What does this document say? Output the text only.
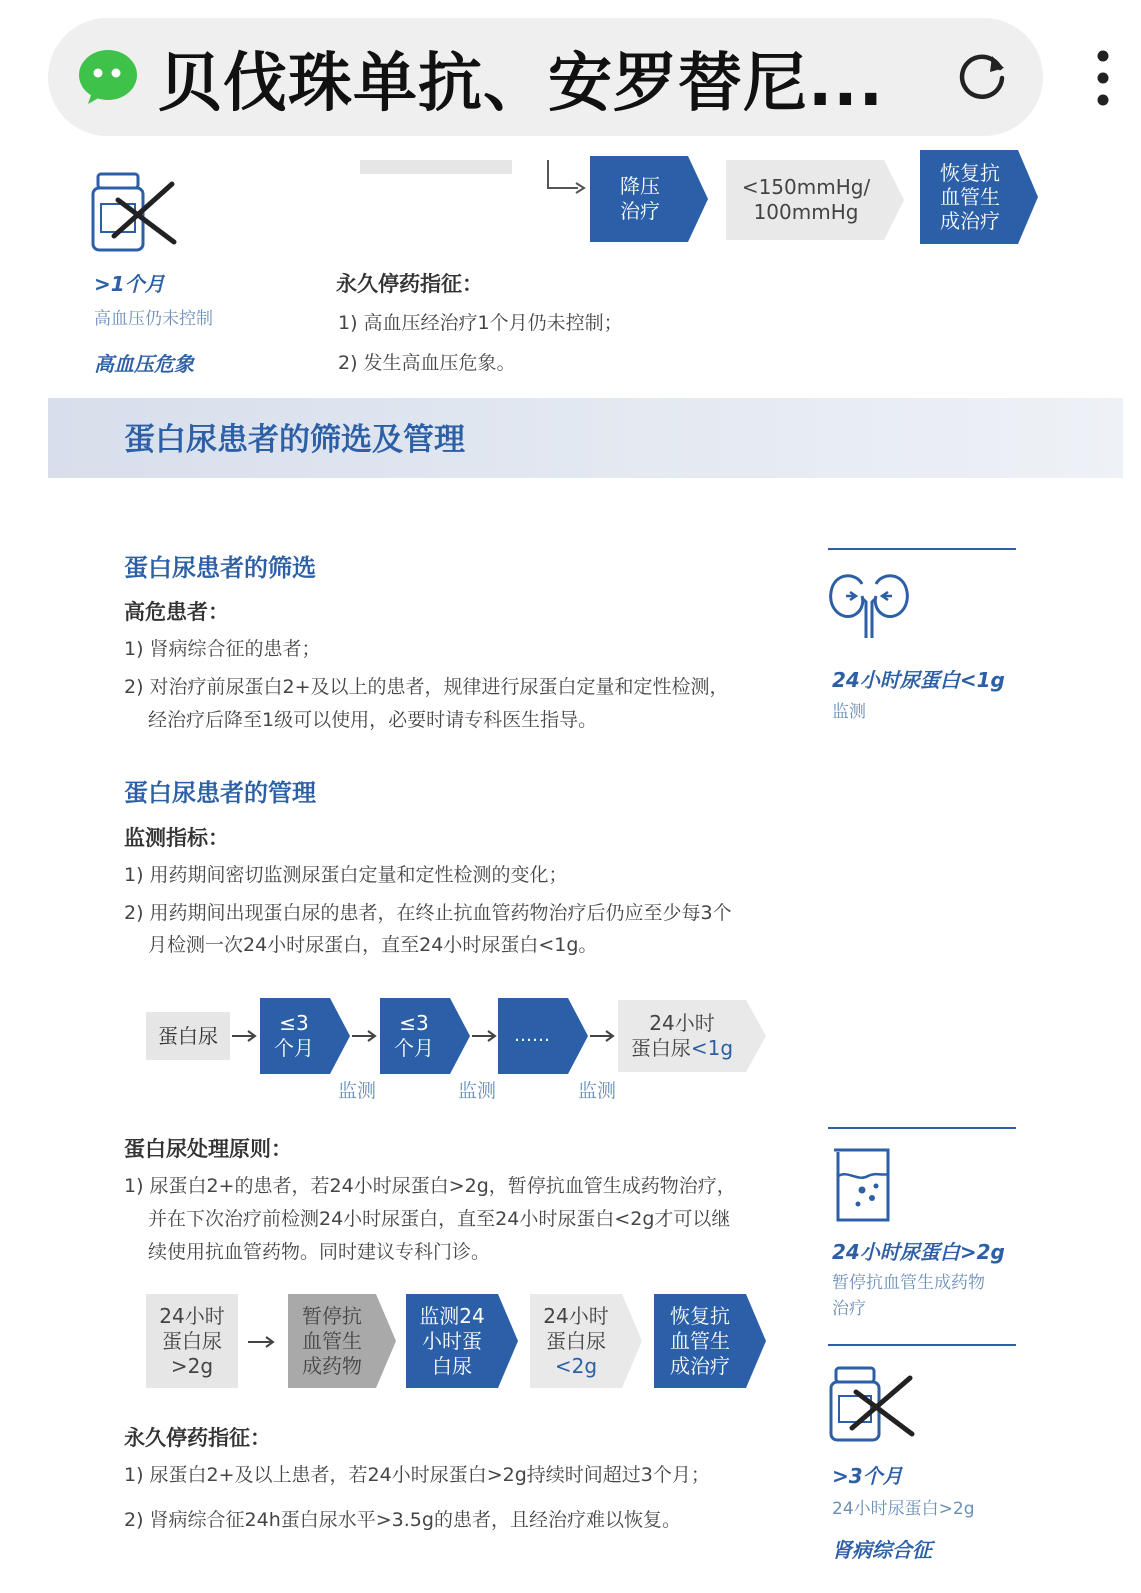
贝伐珠单抗、安罗替尼...
降压
治疗
<150mmHg/
100mmHg
恢复抗
血管生
成治疗
>1个月
高血压仍未控制
高血压危象
永久停药指征：
1) 高血压经治疗1个月仍未控制；
2) 发生高血压危象。
蛋白尿患者的筛选及管理
蛋白尿患者的筛选
高危患者：
1) 肾病综合征的患者；
2) 对治疗前尿蛋白2+及以上的患者，规律进行尿蛋白定量和定性检测，
经治疗后降至1级可以使用，必要时请专科医生指导。
24小时尿蛋白<1g
监测
蛋白尿患者的管理
监测指标：
1) 用药期间密切监测尿蛋白定量和定性检测的变化；
2) 用药期间出现蛋白尿的患者，在终止抗血管药物治疗后仍应至少每3个
月检测一次24小时尿蛋白，直至24小时尿蛋白<1g。
蛋白尿
≤3
个月
≤3
个月
……
24小时
蛋白尿<1g
监测	监测	监测
蛋白尿处理原则：
1) 尿蛋白2+的患者，若24小时尿蛋白>2g，暂停抗血管生成药物治疗，
并在下次治疗前检测24小时尿蛋白，直至24小时尿蛋白<2g才可以继
续使用抗血管药物。同时建议专科门诊。	24小时尿蛋白>2g
暂停抗血管生成药物
治疗
24小时
蛋白尿
>2g
暂停抗
血管生
成药物
监测24
小时蛋
白尿
24小时
蛋白尿
<2g
恢复抗
血管生
成治疗
永久停药指征：
1) 尿蛋白2+及以上患者，若24小时尿蛋白>2g持续时间超过3个月；
2) 肾病综合征24h蛋白尿水平>3.5g的患者，且经治疗难以恢复。
>3个月
24小时尿蛋白>2g
肾病综合征
